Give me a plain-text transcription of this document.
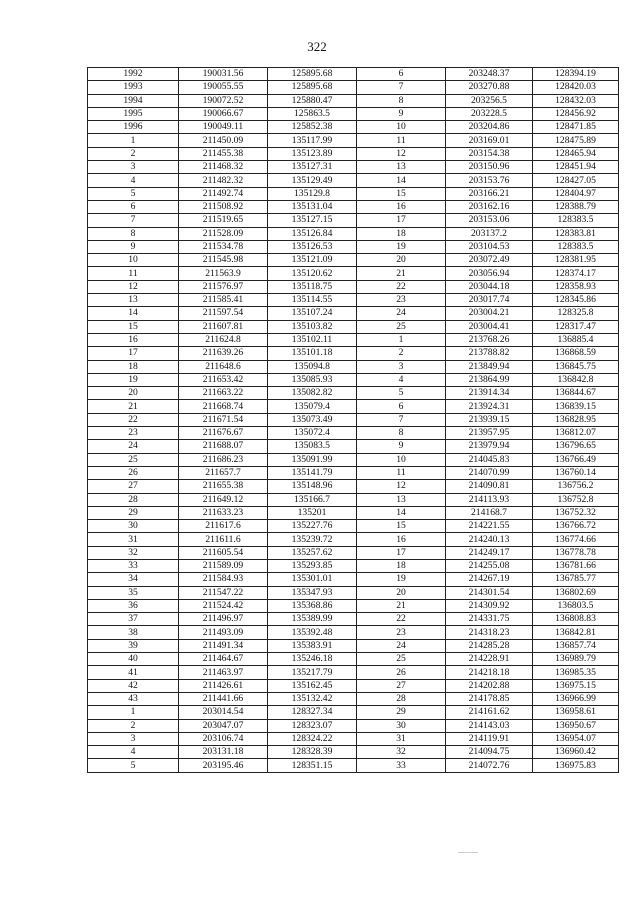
322
1992	190031.56	125895.68	6	203248.37	128394.19
1993	190055.55	125895.68	7	203270.88	128420.03
1994	190072.52	125880.47	8	203256.5	128432.03
1995	190066.67	125863.5	9	203228.5	128456.92
1996	190049.11	125852.38	10	203204.86	128471.85
1	211450.09	135117.99	11	203169.01	128475.89
2	211455.38	135123.89	12	203154.38	128465.94
3	211468.32	135127.31	13	203150.96	128451.94
4	211482.32	135129.49	14	203153.76	128427.05
5	211492.74	135129.8	15	203166.21	128404.97
6	211508.92	135131.04	16	203162.16	128388.79
7	211519.65	135127.15	17	203153.06	128383.5
8	211528.09	135126.84	18	203137.2	128383.81
9	211534.78	135126.53	19	203104.53	128383.5
10	211545.98	135121.09	20	203072.49	128381.95
11	211563.9	135120.62	21	203056.94	128374.17
12	211576.97	135118.75	22	203044.18	128358.93
13	211585.41	135114.55	23	203017.74	128345.86
14	211597.54	135107.24	24	203004.21	128325.8
15	211607.81	135103.82	25	203004.41	128317.47
16	211624.8	135102.11	1	213768.26	136885.4
17	211639.26	135101.18	2	213788.82	136868.59
18	211648.6	135094.8	3	213849.94	136845.75
19	211653.42	135085.93	4	213864.99	136842.8
20	211663.22	135082.82	5	213914.34	136844.67
21	211668.74	135079.4	6	213924.31	136839.15
22	211671.54	135073.49	7	213939.15	136828.95
23	211676.67	135072.4	8	213957.95	136812.07
24	211688.07	135083.5	9	213979.94	136796.65
25	211686.23	135091.99	10	214045.83	136766.49
26	211657.7	135141.79	11	214070.99	136760.14
27	211655.38	135148.96	12	214090.81	136756.2
28	211649.12	135166.7	13	214113.93	136752.8
29	211633.23	135201	14	214168.7	136752.32
30	211617.6	135227.76	15	214221.55	136766.72
31	211611.6	135239.72	16	214240.13	136774.66
32	211605.54	135257.62	17	214249.17	136778.78
33	211589.09	135293.85	18	214255.08	136781.66
34	211584.93	135301.01	19	214267.19	136785.77
35	211547.22	135347.93	20	214301.54	136802.69
36	211524.42	135368.86	21	214309.92	136803.5
37	211496.97	135389.99	22	214331.75	136808.83
38	211493.09	135392.48	23	214318.23	136842.81
39	211491.34	135383.91	24	214285.28	136857.74
40	211464.67	135246.18	25	214228.91	136989.79
41	211463.97	135217.79	26	214218.18	136985.35
42	211426.61	135162.45	27	214202.88	136975.15
43	211441.66	135132.42	28	214178.85	136966.99
1	203014.54	128327.34	29	214161.62	136958.61
2	203047.07	128323.07	30	214143.03	136950.67
3	203106.74	128324.22	31	214119.91	136954.07
4	203131.18	128328.39	32	214094.75	136960.42
5	203195.46	128351.15	33	214072.76	136975.83
